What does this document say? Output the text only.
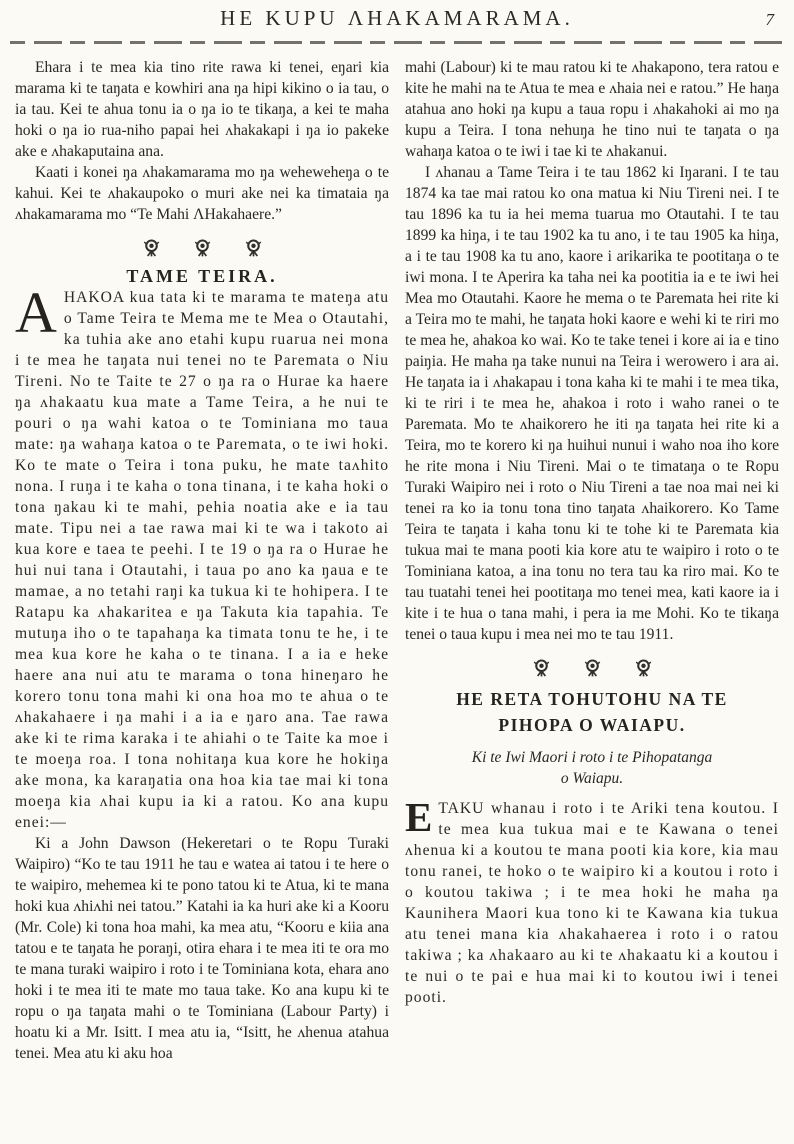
HE KUPU ΛHAKAMARAMA.	7

Ehara i te mea kia tino rite rawa ki tenei, eŋari kia marama ki te taŋata e kowhiri ana ŋa hipi kikino o ia tau, o ia tau. Kei te ahua tonu ia o ŋa io te tikaŋa, a kei te maha hoki o ŋa io rua-niho papai hei ʌhakakapi i ŋa io pakeke ake e ʌhakaputaina ana.

Kaati i konei ŋa ʌhakamarama mo ŋa weheweheŋa o te kahui. Kei te ʌhakaupoko o muri ake nei ka timataia ŋa ʌhakamarama mo “Te Mahi ΛHakahaere.”

TAME TEIRA.

AHAKOA kua tata ki te marama te mateŋa atu o Tame Teira te Mema me te Mea o Otautahi, ka tuhia ake ano etahi kupu ruarua nei mona i te mea he taŋata nui tenei no te Paremata o Niu Tireni. No te Taite te 27 o ŋa ra o Hurae ka haere ŋa ʌhakaatu kua mate a Tame Teira, a he nui te pouri o ŋa wahi katoa o te Tominiana mo taua mate: ŋa wahaŋa katoa o te Paremata, o te iwi hoki. Ko te mate o Teira i tona puku, he mate taʌhito nona. I ruŋa i te kaha o tona tinana, i te kaha hoki o tona ŋakau ki te mahi, pehia noatia ake e ia tau mate. Tipu nei a tae rawa mai ki te wa i takoto ai kua kore e taea te peehi. I te 19 o ŋa ra o Hurae he hui nui tana i Otautahi, i taua po ano ka ŋaua e te mamae, a no tetahi raŋi ka tukua ki te hohipera. I te Ratapu ka ʌhakaritea e ŋa Takuta kia tapahia. Te mutuŋa iho o te tapahaŋa ka timata tonu te he, i te mea kua kore he kaha o te tinana. I a ia e heke haere ana nui atu te marama o tona hineŋaro he korero tonu tona mahi ki ona hoa mo te ahua o te ʌhakahaere i ŋa mahi i a ia e ŋaro ana. Tae rawa ake ki te rima karaka i te ahiahi o te Taite ka moe i te moeŋa roa. I tona nohitaŋa kua kore he hokiŋa ake mona, ka karaŋatia ona hoa kia tae mai ki tona moeŋa kia ʌhai kupu ia ki a ratou. Ko ana kupu enei:—

Ki a John Dawson (Hekeretari o te Ropu Turaki Waipiro) “Ko te tau 1911 he tau e watea ai tatou i te here o te waipiro, mehemea ki te pono tatou ki te Atua, ki te mana hoki kua ʌhiʌhi nei tatou.” Katahi ia ka huri ake ki a Kooru (Mr. Cole) ki tona hoa mahi, ka mea atu, “Kooru e kiia ana tatou e te taŋata he poraŋi, otira ehara i te mea iti te ora mo te mana turaki waipiro i roto i te Tominiana kota, ehara ano hoki i te mea iti te mate mo taua take. Ko ana kupu ki te ropu o ŋa taŋata mahi o te Tominiana (Labour Party) i hoatu ki a Mr. Isitt. I mea atu ia, “Isitt, he ʌhenua atahua tenei. Mea atu ki aku hoa

mahi (Labour) ki te mau ratou ki te ʌhakapono, tera ratou e kite he mahi na te Atua te mea e ʌhaia nei e ratou.” He haŋa atahua ano hoki ŋa kupu a taua ropu i ʌhakahoki ai mo ŋa kupu a Teira. I tona nehuŋa he tino nui te taŋata o ŋa wahaŋa katoa o te iwi i tae ki te ʌhakanui.

I ʌhanau a Tame Teira i te tau 1862 ki Iŋarani. I te tau 1874 ka tae mai ratou ko ona matua ki Niu Tireni nei. I te tau 1896 ka tu ia hei mema tuarua mo Otautahi. I te tau 1899 ka hiŋa, i te tau 1902 ka tu ano, i te tau 1905 ka hiŋa, a i te tau 1908 ka tu ano, kaore i arikarika te pootitaŋa o te iwi mona. I te Aperira ka taha nei ka pootitia ia e te iwi hei Mea mo Otautahi. Kaore he mema o te Paremata hei rite ki a Teira mo te mahi, he taŋata hoki kaore e wehi ki te riri mo te mea he, ahakoa ko wai. Ko te take tenei i kore ai ia e tino paiŋia. He maha ŋa take nunui na Teira i werowero i ara ai. He taŋata ia i ʌhakapau i tona kaha ki te mahi i te mea tika, ki te riri i te mea he, ahakoa i roto i waho ranei o te Paremata. Mo te ʌhaikorero he iti ŋa taŋata hei rite ki a Teira, mo te korero ki ŋa huihui nunui i waho noa iho kore he rite mona i Niu Tireni. Mai o te timataŋa o te Ropu Turaki Waipiro nei i roto o Niu Tireni a tae noa mai nei ki tenei ra ko ia tonu tona tino taŋata ʌhaikorero. Ko Tame Teira te taŋata i kaha tonu ki te tohe ki te Paremata kia tukua mai te mana pooti kia kore atu te waipiro i roto o te Tominiana katoa, a ina tonu no tera tau ka riro mai. Ko te tau tuatahi tenei hei pootitaŋa mo tenei mea, kati kaore ia i kite i te hua o tana mahi, i pera ia me Mohi. Ko te tikaŋa tenei o taua kupu i mea nei mo te tau 1911.

HE RETA TOHUTOHU NA TE
PIHOPA O WAIAPU.

Ki te Iwi Maori i roto i te Pihopatanga
o Waiapu.

ETAKU whanau i roto i te Ariki tena koutou. I te mea kua tukua mai e te Kawana o tenei ʌhenua ki a koutou te mana pooti kia kore, kia mau tonu ranei, te hoko o te waipiro ki a koutou i roto i o koutou takiwa ; i te mea hoki he maha ŋa Kaunihera Maori kua tono ki te Kawana kia tukua atu tenei mana kia ʌhakahaerea i roto i o ratou takiwa ; ka ʌhakaaro au ki te ʌhakaatu ki a koutou i te nui o te pai e hua mai ki to koutou iwi i tenei pooti.
